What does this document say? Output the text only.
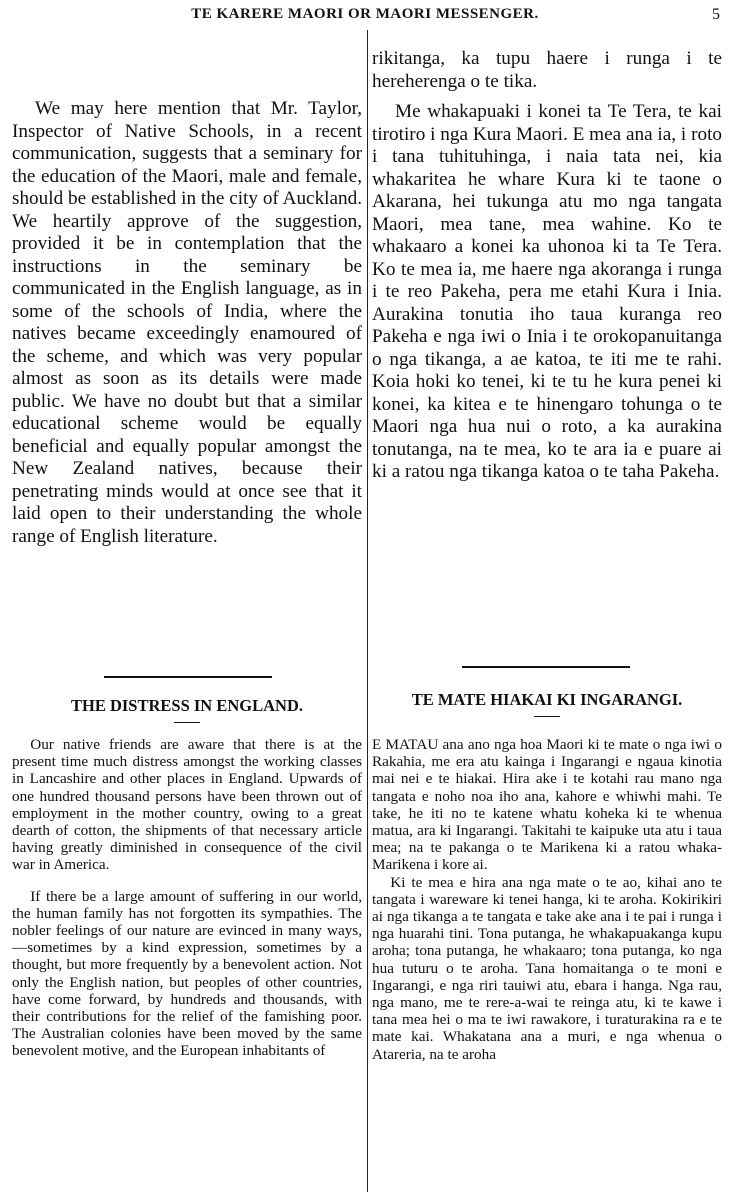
TE KARERE MAORI OR MAORI MESSENGER.	5

We may here mention that Mr. Taylor, Inspector of Native Schools, in a recent communication, suggests that a seminary for the education of the Maori, male and female, should be established in the city of Auckland. We heartily approve of the suggestion, provided it be in contemplation that the instructions in the seminary be communicated in the English language, as in some of the schools of India, where the natives became exceedingly enamoured of the scheme, and which was very popular almost as soon as its details were made public. We have no doubt but that a similar educational scheme would be equally beneficial and equally popular amongst the New Zealand natives, because their penetrating minds would at once see that it laid open to their understanding the whole range of English literature.

rikitanga, ka tupu haere i runga i te hereherenga o te tika.

Me whakapuaki i konei ta Te Tera, te kai tirotiro i nga Kura Maori. E mea ana ia, i roto i tana tuhituhinga, i naia tata nei, kia whakaritea he whare Kura ki te taone o Akarana, hei tukunga atu mo nga tangata Maori, mea tane, mea wahine. Ko te whakaaro a konei ka uhonoa ki ta Te Tera. Ko te mea ia, me haere nga akoranga i runga i te reo Pakeha, pera me etahi Kura i Inia. Aurakina tonutia iho taua kuranga reo Pakeha e nga iwi o Inia i te orokopanuitanga o nga tikanga, a ae katoa, te iti me te rahi. Koia hoki ko tenei, ki te tu he kura penei ki konei, ka kitea e te hinengaro tohunga o te Maori nga hua nui o roto, a ka aurakina tonutanga, na te mea, ko te ara ia e puare ai ki a ratou nga tikanga katoa o te taha Pakeha.

THE DISTRESS IN ENGLAND.	TE MATE HIAKAI KI INGARANGI.

Our native friends are aware that there is at the present time much distress amongst the working classes in Lancashire and other places in England. Upwards of one hundred thousand persons have been thrown out of employment in the mother country, owing to a great dearth of cotton, the shipments of that necessary article having greatly diminished in consequence of the civil war in America.

If there be a large amount of suffering in our world, the human family has not forgotten its sympathies. The nobler feelings of our nature are evinced in many ways,—sometimes by a kind expression, sometimes by a thought, but more frequently by a benevolent action. Not only the English nation, but peoples of other countries, have come forward, by hundreds and thousands, with their contributions for the relief of the famishing poor. The Australian colonies have been moved by the same benevolent motive, and the European inhabitants of

E MATAU ana ano nga hoa Maori ki te mate o nga iwi o Rakahia, me era atu kainga i Ingarangi e ngaua kinotia mai nei e te hiakai. Hira ake i te kotahi rau mano nga tangata e noho noa iho ana, kahore e whiwhi mahi. Te take, he iti no te katene whatu koheka ki te whenua matua, ara ki Ingarangi. Takitahi te kaipuke uta atu i taua mea; na te pakanga o te Marikena ki a ratou whaka-Marikena i kore ai.

Ki te mea e hira ana nga mate o te ao, kihai ano te tangata i wareware ki tenei hanga, ki te aroha. Kokirikiri ai nga tikanga a te tangata e take ake ana i te pai i runga i nga huarahi tini. Tona putanga, he whakapuakanga kupu aroha; tona putanga, he whakaaro; tona putanga, ko nga hua tuturu o te aroha. Tana homaitanga o te moni e Ingarangi, e nga riri tauiwi atu, ebara i hanga. Nga rau, nga mano, me te rere-a-wai te reinga atu, ki te kawe i tana mea hei o ma te iwi rawakore, i turaturakina ra e te mate kai. Whakatana ana a muri, e nga whenua o Atareria, na te aroha
